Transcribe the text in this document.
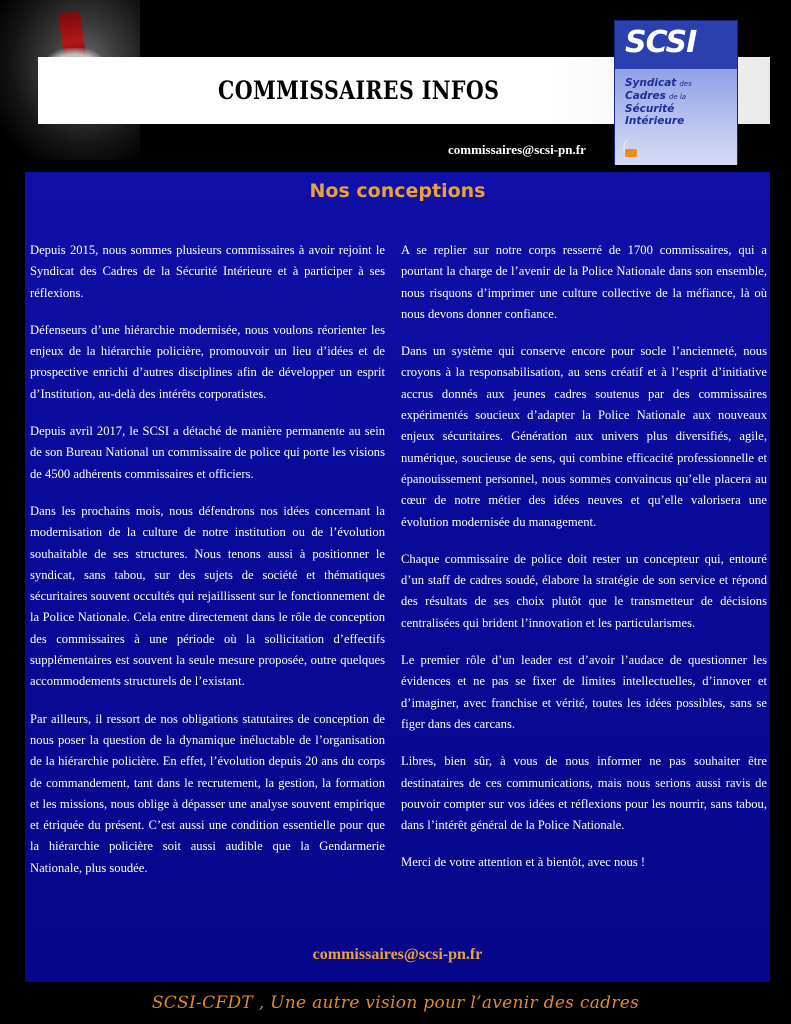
COMMISSAIRES INFOS
SCSI
Syndicat des
Cadres de la
Sécurité
Intérieure
commissaires@scsi-pn.fr
Nos conceptions

Depuis 2015, nous sommes plusieurs commissaires à avoir rejoint le Syndicat des Cadres de la Sécurité Intérieure et à participer à ses réflexions.

Défenseurs d’une hiérarchie modernisée, nous voulons réorienter les enjeux de la hiérarchie policière, promouvoir un lieu d’idées et de prospective enrichi d’autres disciplines afin de développer un esprit d’Institution, au-delà des intérêts corporatistes.

Depuis avril 2017, le SCSI a détaché de manière permanente au sein de son Bureau National un commissaire de police qui porte les visions de 4500 adhérents commissaires et officiers.

Dans les prochains mois, nous défendrons nos idées concernant la modernisation de la culture de notre institution ou de l’évolution souhaitable de ses structures. Nous tenons aussi à positionner le syndicat, sans tabou, sur des sujets de société et thématiques sécuritaires souvent occultés qui rejaillissent sur le fonctionnement de la Police Nationale. Cela entre directement dans le rôle de conception des commissaires à une période où la sollicitation d’effectifs supplémentaires est souvent la seule mesure proposée, outre quelques accommodements structurels de l’existant.

Par ailleurs, il ressort de nos obligations statutaires de conception de nous poser la question de la dynamique inéluctable de l’organisation de la hiérarchie policière. En effet, l’évolution depuis 20 ans du corps de commandement, tant dans le recrutement, la gestion, la formation et les missions, nous oblige à dépasser une analyse souvent empirique et étriquée du présent. C’est aussi une condition essentielle pour que la hiérarchie policière soit aussi audible que la Gendarmerie Nationale, plus soudée.

A se replier sur notre corps resserré de 1700 commissaires, qui a pourtant la charge de l’avenir de la Police Nationale dans son ensemble, nous risquons d’imprimer une culture collective de la méfiance, là où nous devons donner confiance.

Dans un système qui conserve encore pour socle l’ancienneté, nous croyons à la responsabilisation, au sens créatif et à l’esprit d’initiative accrus donnés aux jeunes cadres soutenus par des commissaires expérimentés soucieux d’adapter la Police Nationale aux nouveaux enjeux sécuritaires. Génération aux univers plus diversifiés, agile, numérique, soucieuse de sens, qui combine efficacité professionnelle et épanouissement personnel, nous sommes convaincus qu’elle placera au cœur de notre métier des idées neuves et qu’elle valorisera une évolution modernisée du management.

Chaque commissaire de police doit rester un concepteur qui, entouré d’un staff de cadres soudé, élabore la stratégie de son service et répond des résultats de ses choix plutôt que le transmetteur de décisions centralisées qui brident l’innovation et les particularismes.

Le premier rôle d’un leader est d’avoir l’audace de questionner les évidences et ne pas se fixer de limites intellectuelles, d’innover et d’imaginer, avec franchise et vérité, toutes les idées possibles, sans se figer dans des carcans.

Libres, bien sûr, à vous de nous informer ne pas souhaiter être destinataires de ces communications, mais nous serions aussi ravis de pouvoir compter sur vos idées et réflexions pour les nourrir, sans tabou, dans l’intérêt général de la Police Nationale.

Merci de votre attention et à bientôt, avec nous !

commissaires@scsi-pn.fr
SCSI-CFDT , Une autre vision pour l’avenir des cadres
